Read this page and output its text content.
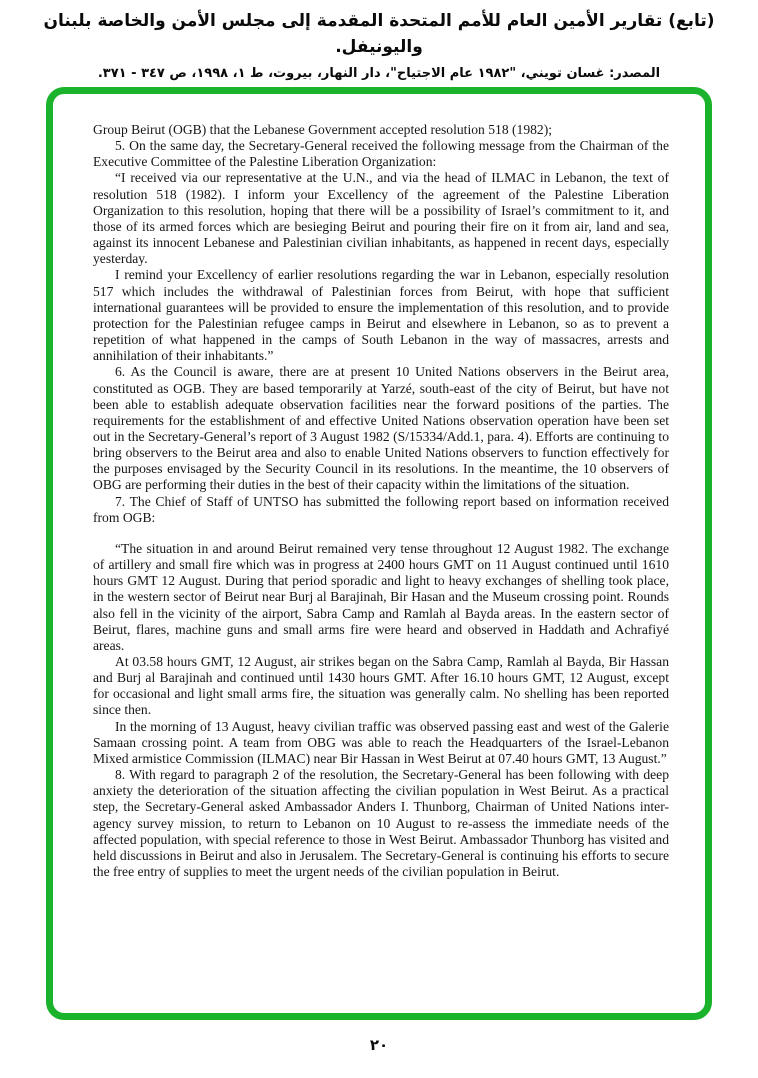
(تابع) تقارير الأمين العام للأمم المتحدة المقدمة إلى مجلس الأمن والخاصة بلبنان واليونيفل.
المصدر: غسان تويني، "١٩٨٢ عام الاجتياح"، دار النهار، بيروت، ط ١، ١٩٩٨، ص ٣٤٧ - ٣٧١.

Group Beirut (OGB) that the Lebanese Government accepted resolution 518 (1982);

5. On the same day, the Secretary-General received the following message from the Chairman of the Executive Committee of the Palestine Liberation Organization:

“I received via our representative at the U.N., and via the head of ILMAC in Lebanon, the text of resolution 518 (1982). I inform your Excellency of the agreement of the Palestine Liberation Organization to this resolution, hoping that there will be a possibility of Israel’s commitment to it, and those of its armed forces which are besieging Beirut and pouring their fire on it from air, land and sea, against its innocent Lebanese and Palestinian civilian inhabitants, as happened in recent days, especially yesterday.

I remind your Excellency of earlier resolutions regarding the war in Lebanon, especially resolution 517 which includes the withdrawal of Palestinian forces from Beirut, with hope that sufficient international guarantees will be provided to ensure the implementation of this resolution, and to provide protection for the Palestinian refugee camps in Beirut and elsewhere in Lebanon, so as to prevent a repetition of what happened in the camps of South Lebanon in the way of massacres, arrests and annihilation of their inhabitants.”

6. As the Council is aware, there are at present 10 United Nations observers in the Beirut area, constituted as OGB. They are based temporarily at Yarzé, south-east of the city of Beirut, but have not been able to establish adequate observation facilities near the forward positions of the parties. The requirements for the establishment of and effective United Nations observation operation have been set out in the Secretary-General’s report of 3 August 1982 (S/15334/Add.1, para. 4). Efforts are continuing to bring observers to the Beirut area and also to enable United Nations observers to function effectively for the purposes envisaged by the Security Council in its resolutions. In the meantime, the 10 observers of OBG are performing their duties in the best of their capacity within the limitations of the situation.

7. The Chief of Staff of UNTSO has submitted the following report based on information received from OGB:

“The situation in and around Beirut remained very tense throughout 12 August 1982. The exchange of artillery and small fire which was in progress at 2400 hours GMT on 11 August continued until 1610 hours GMT 12 August. During that period sporadic and light to heavy exchanges of shelling took place, in the western sector of Beirut near Burj al Barajinah, Bir Hasan and the Museum crossing point. Rounds also fell in the vicinity of the airport, Sabra Camp and Ramlah al Bayda areas. In the eastern sector of Beirut, flares, machine guns and small arms fire were heard and observed in Haddath and Achrafiyé areas.

At 03.58 hours GMT, 12 August, air strikes began on the Sabra Camp, Ramlah al Bayda, Bir Hassan and Burj al Barajinah and continued until 1430 hours GMT. After 16.10 hours GMT, 12 August, except for occasional and light small arms fire, the situation was generally calm. No shelling has been reported since then.

In the morning of 13 August, heavy civilian traffic was observed passing east and west of the Galerie Samaan crossing point. A team from OBG was able to reach the Headquarters of the Israel-Lebanon Mixed armistice Commission (ILMAC) near Bir Hassan in West Beirut at 07.40 hours GMT, 13 August.”

8. With regard to paragraph 2 of the resolution, the Secretary-General has been following with deep anxiety the deterioration of the situation affecting the civilian population in West Beirut. As a practical step, the Secretary-General asked Ambassador Anders I. Thunborg, Chairman of United Nations inter-agency survey mission, to return to Lebanon on 10 August to re-assess the immediate needs of the affected population, with special reference to those in West Beirut. Ambassador Thunborg has visited and held discussions in Beirut and also in Jerusalem. The Secretary-General is continuing his efforts to secure the free entry of supplies to meet the urgent needs of the civilian population in Beirut.

٢٠
